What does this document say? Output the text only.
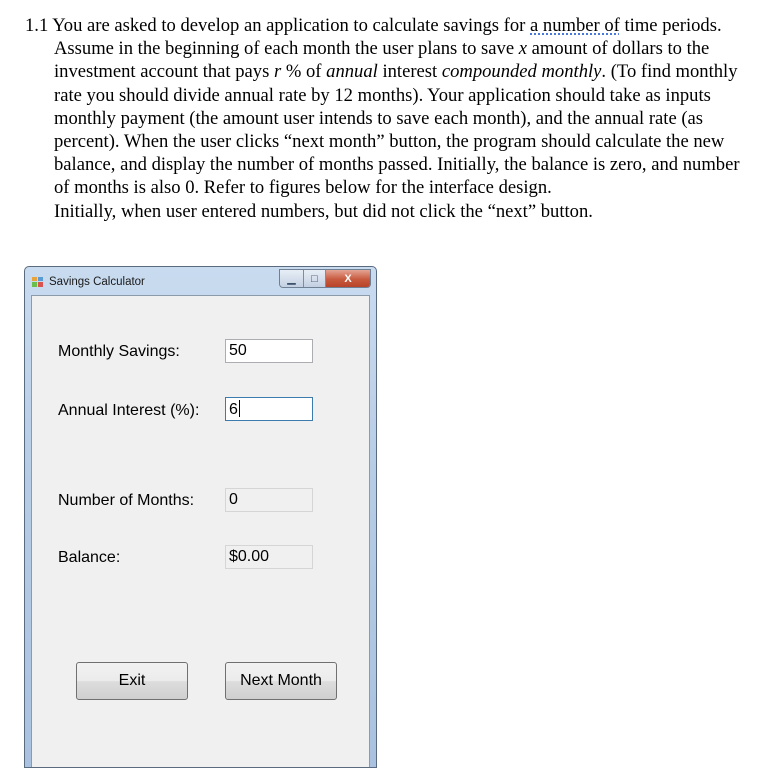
1.1 You are asked to develop an application to calculate savings for a number of time periods. Assume in the beginning of each month the user plans to save x amount of dollars to the investment account that pays r % of annual interest compounded monthly. (To find monthly rate you should divide annual rate by 12 months). Your application should take as inputs monthly payment (the amount user intends to save each month), and the annual rate (as percent). When the user clicks “next month” button, the program should calculate the new balance, and display the number of months passed. Initially, the balance is zero, and number of months is also 0. Refer to figures below for the interface design.

Initially, when user entered numbers, but did not click the “next” button.

Savings Calculator	▁ □ X
Monthly Savings:	50
Annual Interest (%): 6
Number of Months: 0
Balance:	$0.00
Exit	Next Month
